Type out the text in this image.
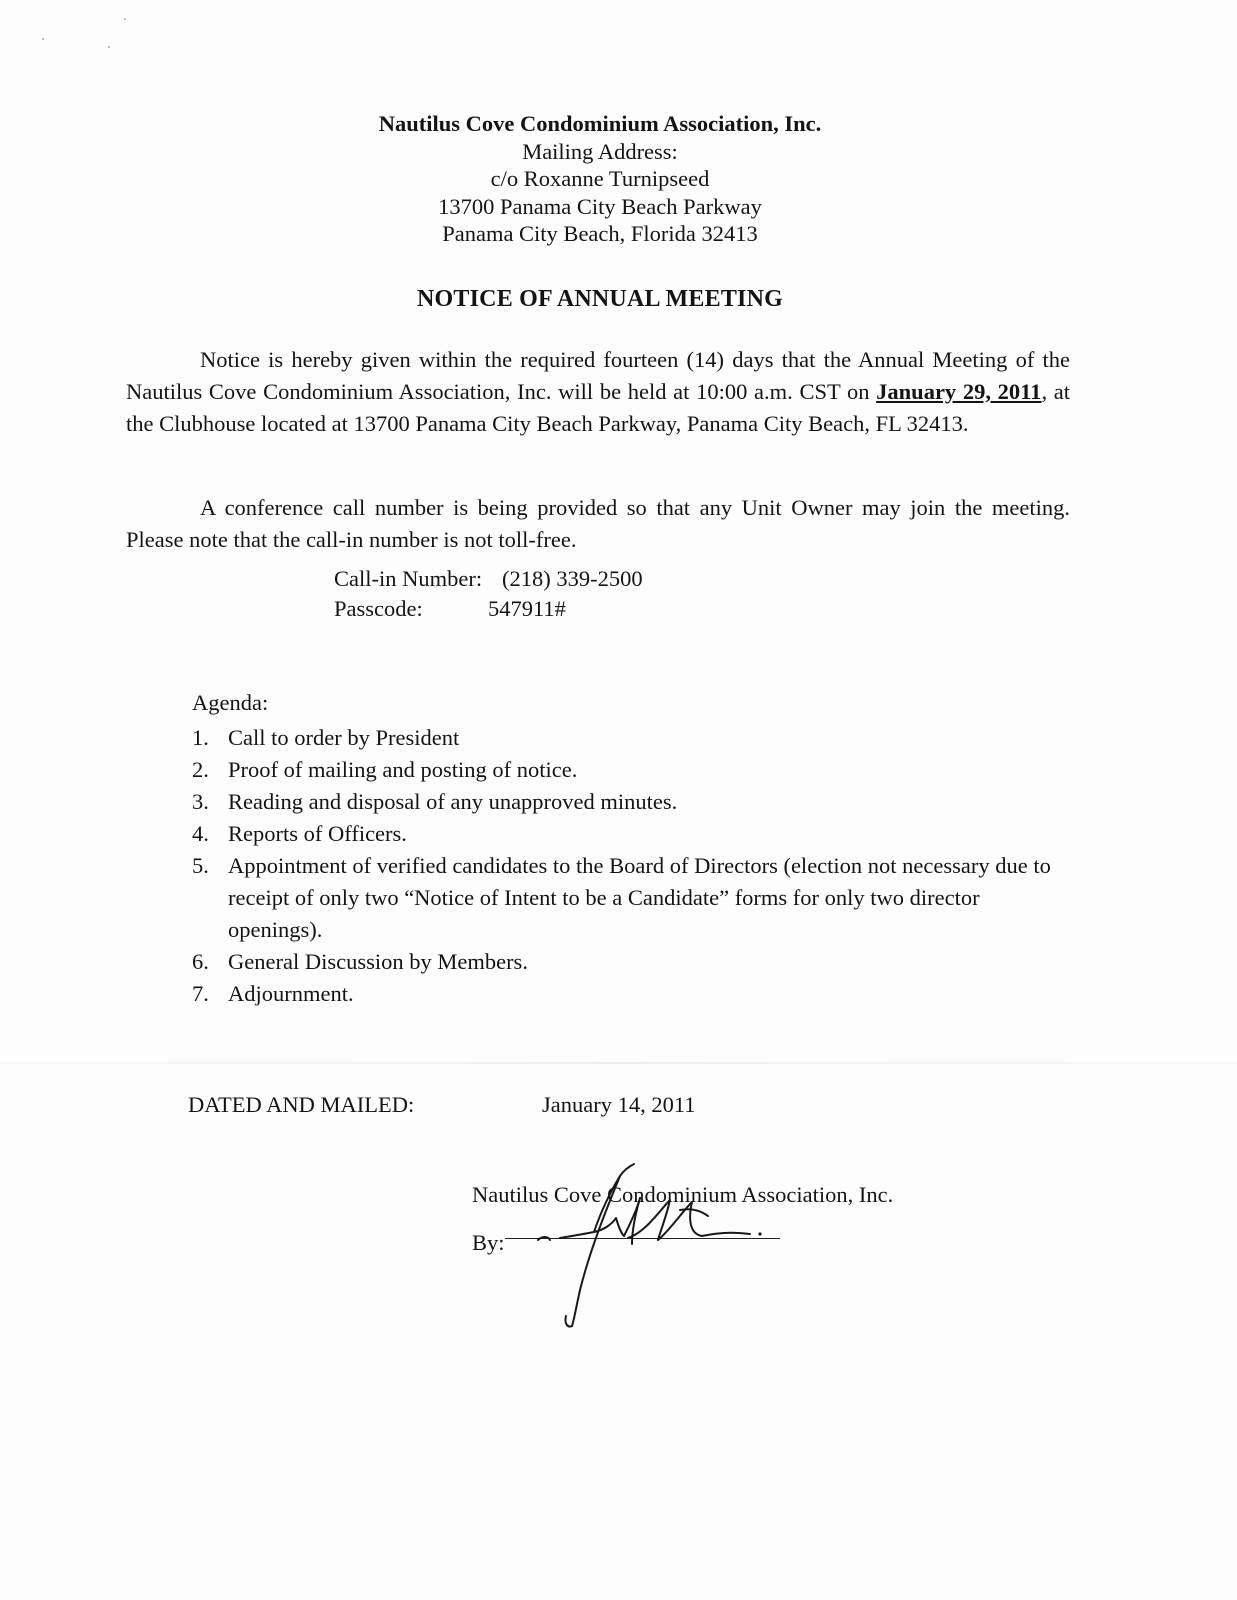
Nautilus Cove Condominium Association, Inc.
Mailing Address:
c/o Roxanne Turnipseed
13700 Panama City Beach Parkway
Panama City Beach, Florida 32413
NOTICE OF ANNUAL MEETING
Notice is hereby given within the required fourteen (14) days that the Annual Meeting of the Nautilus Cove Condominium Association, Inc. will be held at 10:00 a.m. CST on January 29, 2011, at the Clubhouse located at 13700 Panama City Beach Parkway, Panama City Beach, FL 32413.
A conference call number is being provided so that any Unit Owner may join the meeting. Please note that the call-in number is not toll-free.
Call-in Number: (218) 339-2500
Passcode:	547911#
Agenda:
1. Call to order by President
2. Proof of mailing and posting of notice.
3. Reading and disposal of any unapproved minutes.
4. Reports of Officers.
5. Appointment of verified candidates to the Board of Directors (election not necessary due to receipt of only two “Notice of Intent to be a Candidate” forms for only two director openings).
6. General Discussion by Members.
7. Adjournment.
DATED AND MAILED:	January 14, 2011
Nautilus Cove Condominium Association, Inc.
By:
